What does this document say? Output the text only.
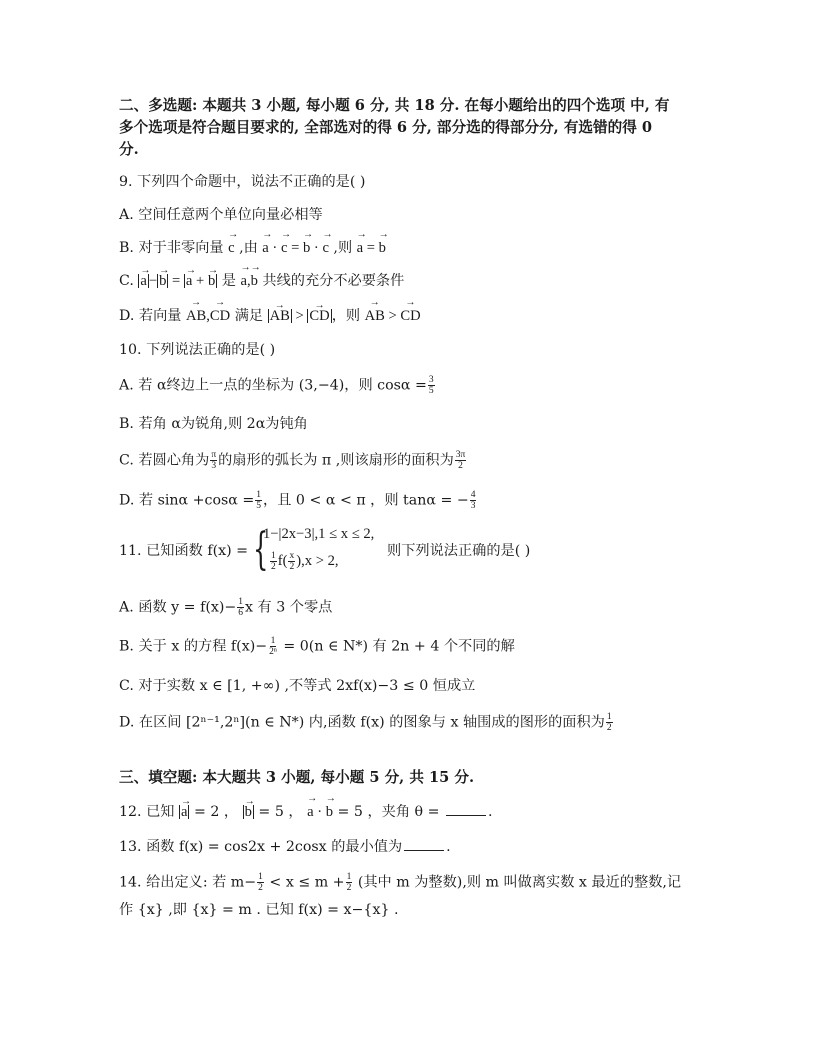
二、多选题: 本题共 3 小题, 每小题 6 分, 共 18 分. 在每小题给出的四个选项 中, 有
多个选项是符合题目要求的, 全部选对的得 6 分, 部分选的得部分分, 有选错的得 0
分.
9. 下列四个命题中，说法不正确的是( )
A. 空间任意两个单位向量必相等
B. 对于非零向量 → c ,由 → a · → c = → b · → c ,则 → a = → b
C. → a −→ b = → a + → b 是 → a,→ b 共线的充分不必要条件
D. 若向量 → AB,→ CD 满足 → AB > → CD ，则 → AB > → CD
10. 下列说法正确的是( )
A. 若 α终边上一点的坐标为 (3,−4)，则 $\cos\alpha = \frac{3}{5}$
B. 若角 α为锐角,则 2α为钝角
C. 若圆心角为 $\frac{\pi}{3}$ 的扇形的弧长为 π ,则该扇形的面积为 $\frac{3\pi}{2}$
D. 若 $\sin\alpha +\cos\alpha = \frac{1}{5}$ ，且 0 < α < π ，则 tanα = − $\frac{4}{3}$
11. 已知函数 f(x) = {
1−|2x−3|,1 ≤ x ≤ 2,
$\frac{1}{2} f( \frac{x}{2} ),x > 2$,
则下列说法正确的是( )
A. 函数 $y = f(x)- \frac{1}{6}$ x 有 3 个零点
B. 关于 x 的方程 $f(x)- \frac{1}{\text{2ⁿ}} = 0(n$ ∈ N*) 有 2n + 4 个不同的解
C. 对于实数 x ∈ [1, +∞) ,不等式 2xf(x)−3 ≤ 0 恒成立
D. 在区间 [2ⁿ⁻¹,2ⁿ](n ∈ N*) 内,函数 f(x) 的图象与 x 轴围成的图形的面积为 $\frac{1}{2}$
三、填空题: 本大题共 3 小题, 每小题 5 分, 共 15 分.
12. 已知 → a = 2 ， → b = 5 ， → a · → b = 5 ，夹角 θ =	.
13. 函数 f(x) = cos2x + 2cosx 的最小值为	.
14. 给出定义: 若 $m- \frac{1}{2} < x \le m + \frac{1}{2}$ (其中 m 为整数),则 m 叫做离实数 x 最近的整数,记
作 {x} ,即 {x} = m . 已知 f(x) = x−{x} .
